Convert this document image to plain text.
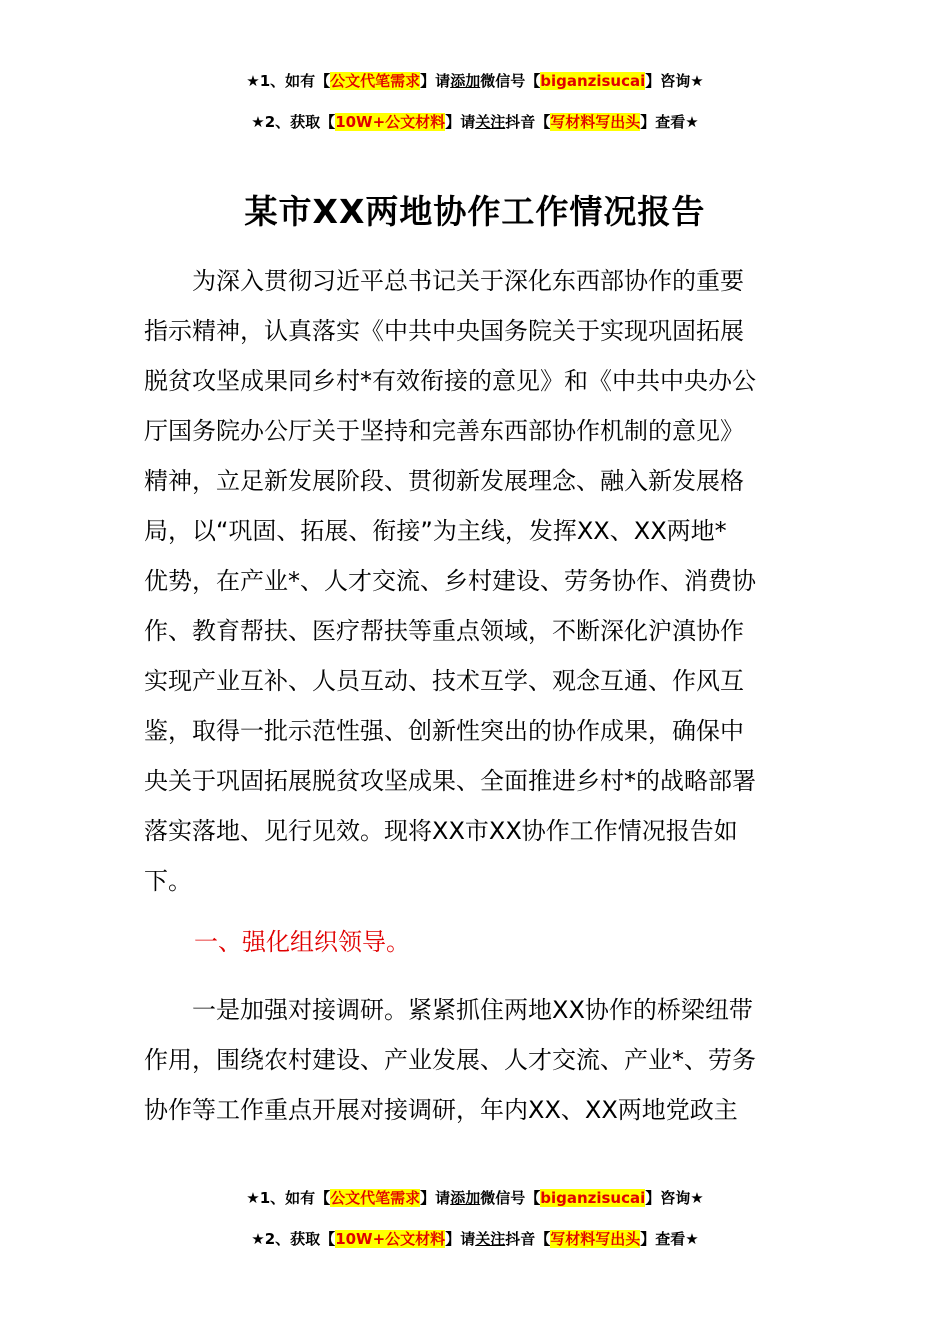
★1、如有【公文代笔需求】请添加微信号【biganzisucai】咨询★
★2、获取【10W+公文材料】请关注抖音【写材料写出头】查看★
某市XX两地协作工作情况报告
　　为深入贯彻习近平总书记关于深化东西部协作的重要
指示精神，认真落实《中共中央国务院关于实现巩固拓展
脱贫攻坚成果同乡村*有效衔接的意见》和《中共中央办公
厅国务院办公厅关于坚持和完善东西部协作机制的意见》
精神，立足新发展阶段、贯彻新发展理念、融入新发展格
局，以“巩固、拓展、衔接”为主线，发挥XX、XX两地*
优势，在产业*、人才交流、乡村建设、劳务协作、消费协
作、教育帮扶、医疗帮扶等重点领域，不断深化沪滇协作
实现产业互补、人员互动、技术互学、观念互通、作风互
鉴，取得一批示范性强、创新性突出的协作成果，确保中
央关于巩固拓展脱贫攻坚成果、全面推进乡村*的战略部署
落实落地、见行见效。现将XX市XX协作工作情况报告如
下。
一、强化组织领导。
　　一是加强对接调研。紧紧抓住两地XX协作的桥梁纽带
作用，围绕农村建设、产业发展、人才交流、产业*、劳务
协作等工作重点开展对接调研，年内XX、XX两地党政主
★1、如有【公文代笔需求】请添加微信号【biganzisucai】咨询★
★2、获取【10W+公文材料】请关注抖音【写材料写出头】查看★
